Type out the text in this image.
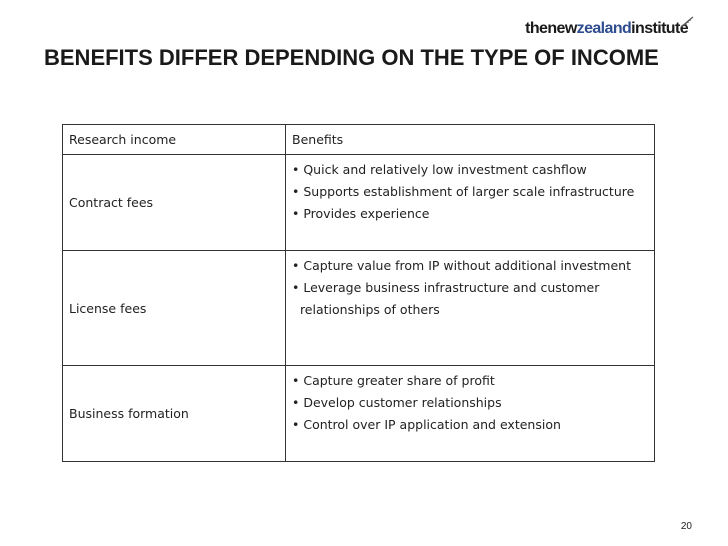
thenewzealandinstitute
BENEFITS DIFFER DEPENDING ON THE TYPE OF INCOME
Research income	Benefits
Contract fees	• Quick and relatively low investment cashflow
• Supports establishment of larger scale infrastructure
• Provides experience

License fees	• Capture value from IP without additional investment
• Leverage business infrastructure and customer
relationships of others

Business formation	• Capture greater share of profit
• Develop customer relationships
• Control over IP application and extension
20
